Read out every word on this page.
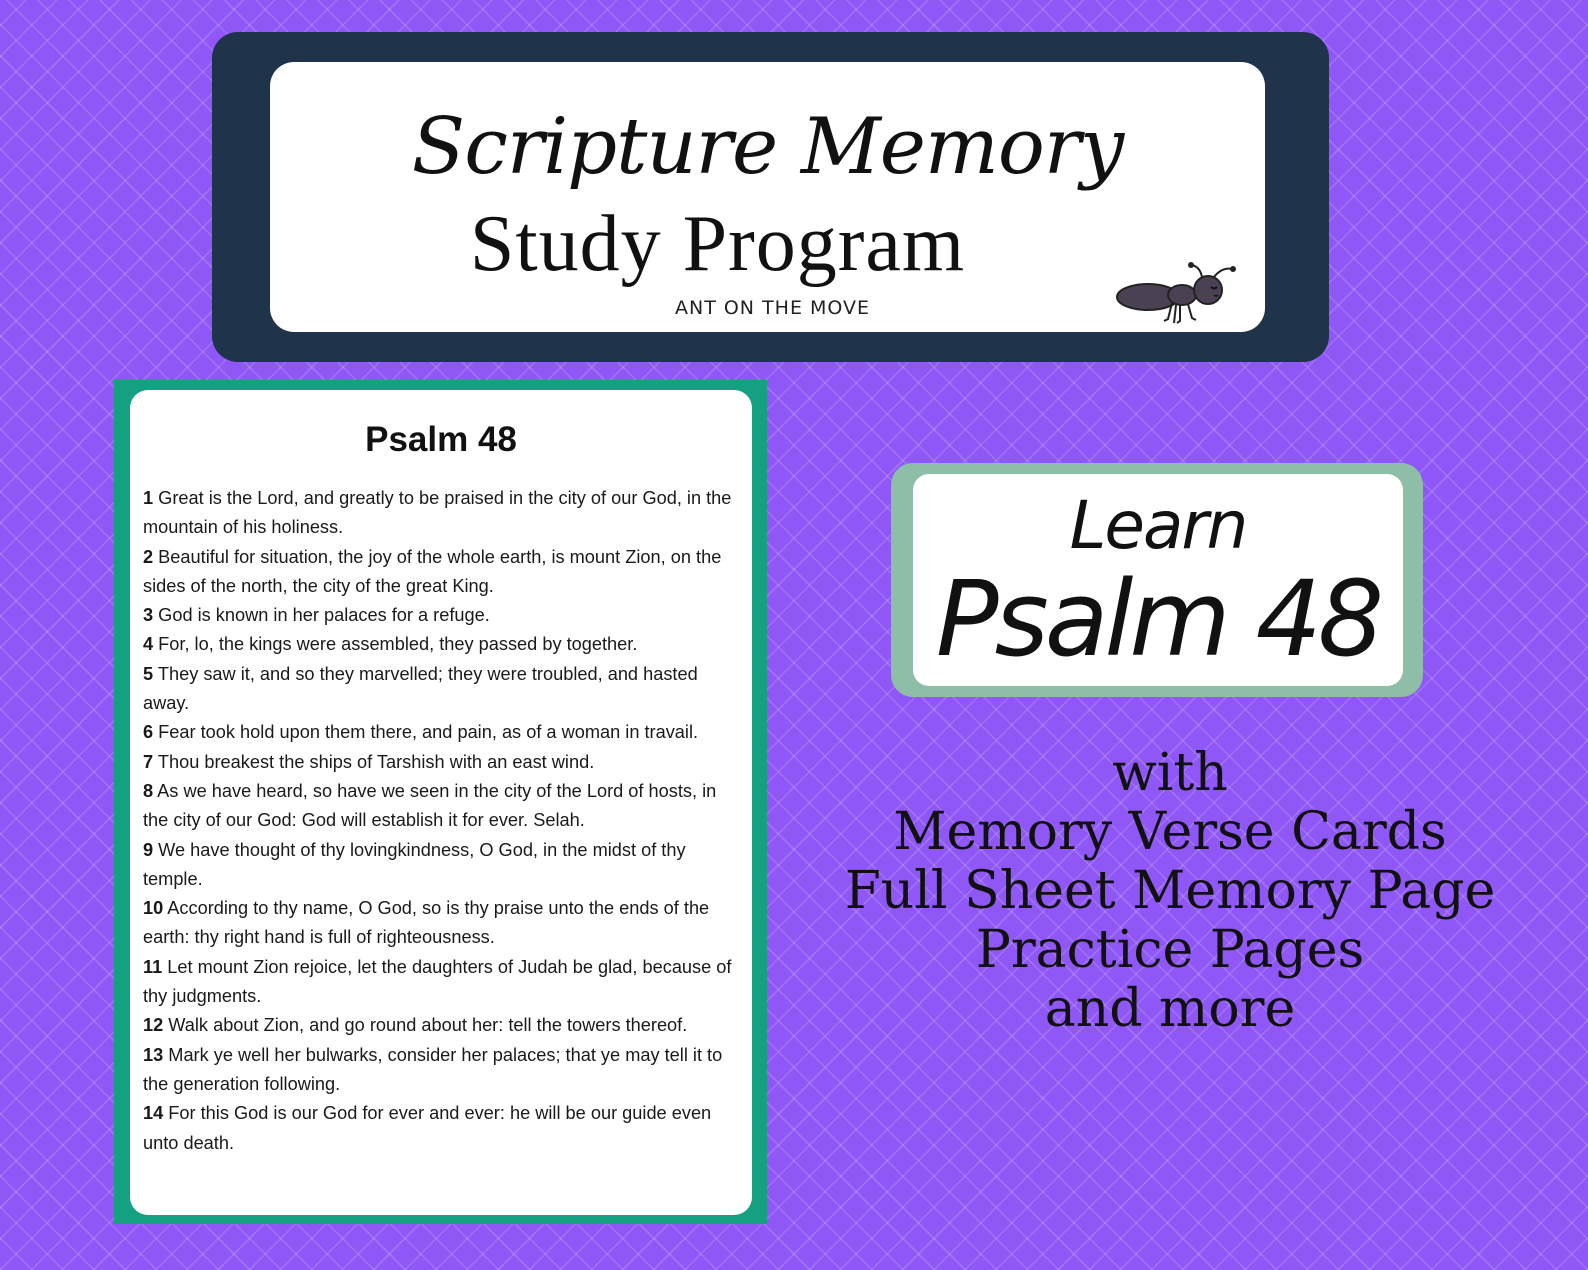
Scripture Memory
Study Program
ANT ON THE MOVE
Psalm 48
1 Great is the Lord, and greatly to be praised in the city of our God, in the mountain of his holiness.
2 Beautiful for situation, the joy of the whole earth, is mount Zion, on the sides of the north, the city of the great King.
3 God is known in her palaces for a refuge.
4 For, lo, the kings were assembled, they passed by together.
5 They saw it, and so they marvelled; they were troubled, and hasted away.
6 Fear took hold upon them there, and pain, as of a woman in travail.
7 Thou breakest the ships of Tarshish with an east wind.
8 As we have heard, so have we seen in the city of the Lord of hosts, in the city of our God: God will establish it for ever. Selah.
9 We have thought of thy lovingkindness, O God, in the midst of thy temple.
10 According to thy name, O God, so is thy praise unto the ends of the earth: thy right hand is full of righteousness.
11 Let mount Zion rejoice, let the daughters of Judah be glad, because of thy judgments.
12 Walk about Zion, and go round about her: tell the towers thereof.
13 Mark ye well her bulwarks, consider her palaces; that ye may tell it to the generation following.
14 For this God is our God for ever and ever: he will be our guide even unto death.
Learn
Psalm 48
with
Memory Verse Cards
Full Sheet Memory Page
Practice Pages
and more
